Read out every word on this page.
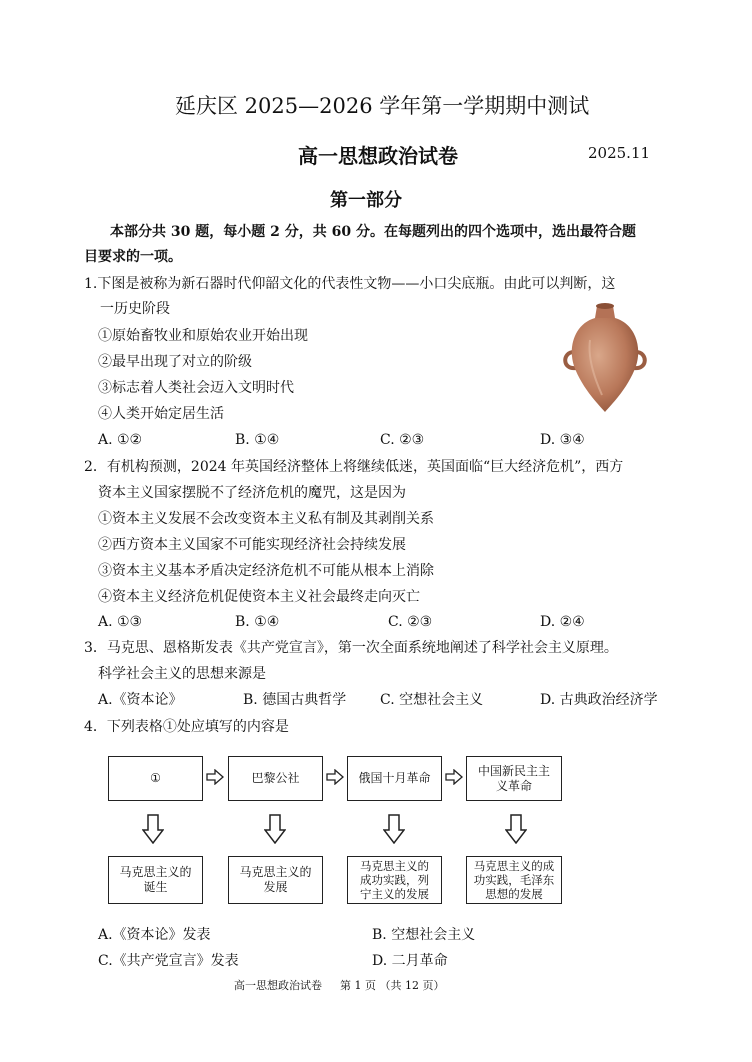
延庆区 2025—2026 学年第一学期期中测试
高一思想政治试卷	2025.11
第一部分
本部分共 30 题，每小题 2 分，共 60 分。在每题列出的四个选项中，选出最符合题
目要求的一项。
1.下图是被称为新石器时代仰韶文化的代表性文物——小口尖底瓶。由此可以判断，这
一历史阶段
①原始畜牧业和原始农业开始出现
②最早出现了对立的阶级
③标志着人类社会迈入文明时代
④人类开始定居生活
A. ①②	B. ①④	C. ②③	D. ③④
2．有机构预测，2024 年英国经济整体上将继续低迷，英国面临“巨大经济危机”，西方
资本主义国家摆脱不了经济危机的魔咒，这是因为
①资本主义发展不会改变资本主义私有制及其剥削关系
②西方资本主义国家不可能实现经济社会持续发展
③资本主义基本矛盾决定经济危机不可能从根本上消除
④资本主义经济危机促使资本主义社会最终走向灭亡
A. ①③	B. ①④	C. ②③	D. ②④
3．马克思、恩格斯发表《共产党宣言》，第一次全面系统地阐述了科学社会主义原理。
科学社会主义的思想来源是
A.《资本论》	B. 德国古典哲学 C. 空想社会主义	D. 古典政治经济学
4．下列表格①处应填写的内容是
①	巴黎公社	俄国十月革命
中国新民主主
义革命
马克思主义的
诞生
马克思主义的
发展
马克思主义的
成功实践，列
宁主义的发展
马克思主义的成
功实践，毛泽东
思想的发展
A.《资本论》发表	B. 空想社会主义
C.《共产党宣言》发表	D. 二月革命
高一思想政治试卷 第 1 页 （共 12 页）
